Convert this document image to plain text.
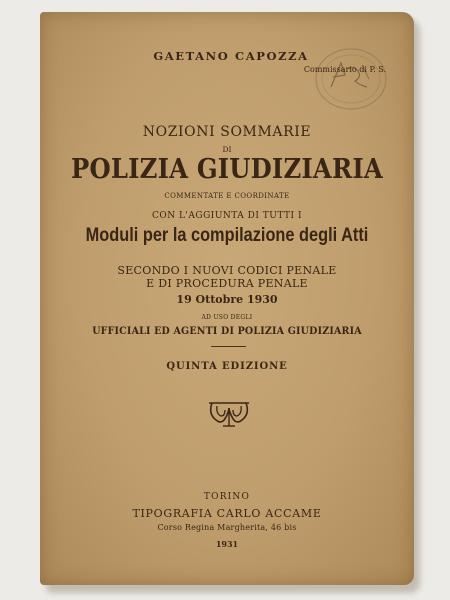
GAETANO CAPOZZA
Commissario di P. S.
NOZIONI SOMMARIE
DI
POLIZIA GIUDIZIARIA
COMMENTATE E COORDINATE
CON L'AGGIUNTA DI TUTTI I
Moduli per la compilazione degli Atti
SECONDO I NUOVI CODICI PENALE
E DI PROCEDURA PENALE
19 Ottobre 1930
AD USO DEGLI
UFFICIALI ED AGENTI DI POLIZIA GIUDIZIARIA
QUINTA EDIZIONE
TORINO
TIPOGRAFIA CARLO ACCAME
Corso Regina Margherita, 46 bis
1931
